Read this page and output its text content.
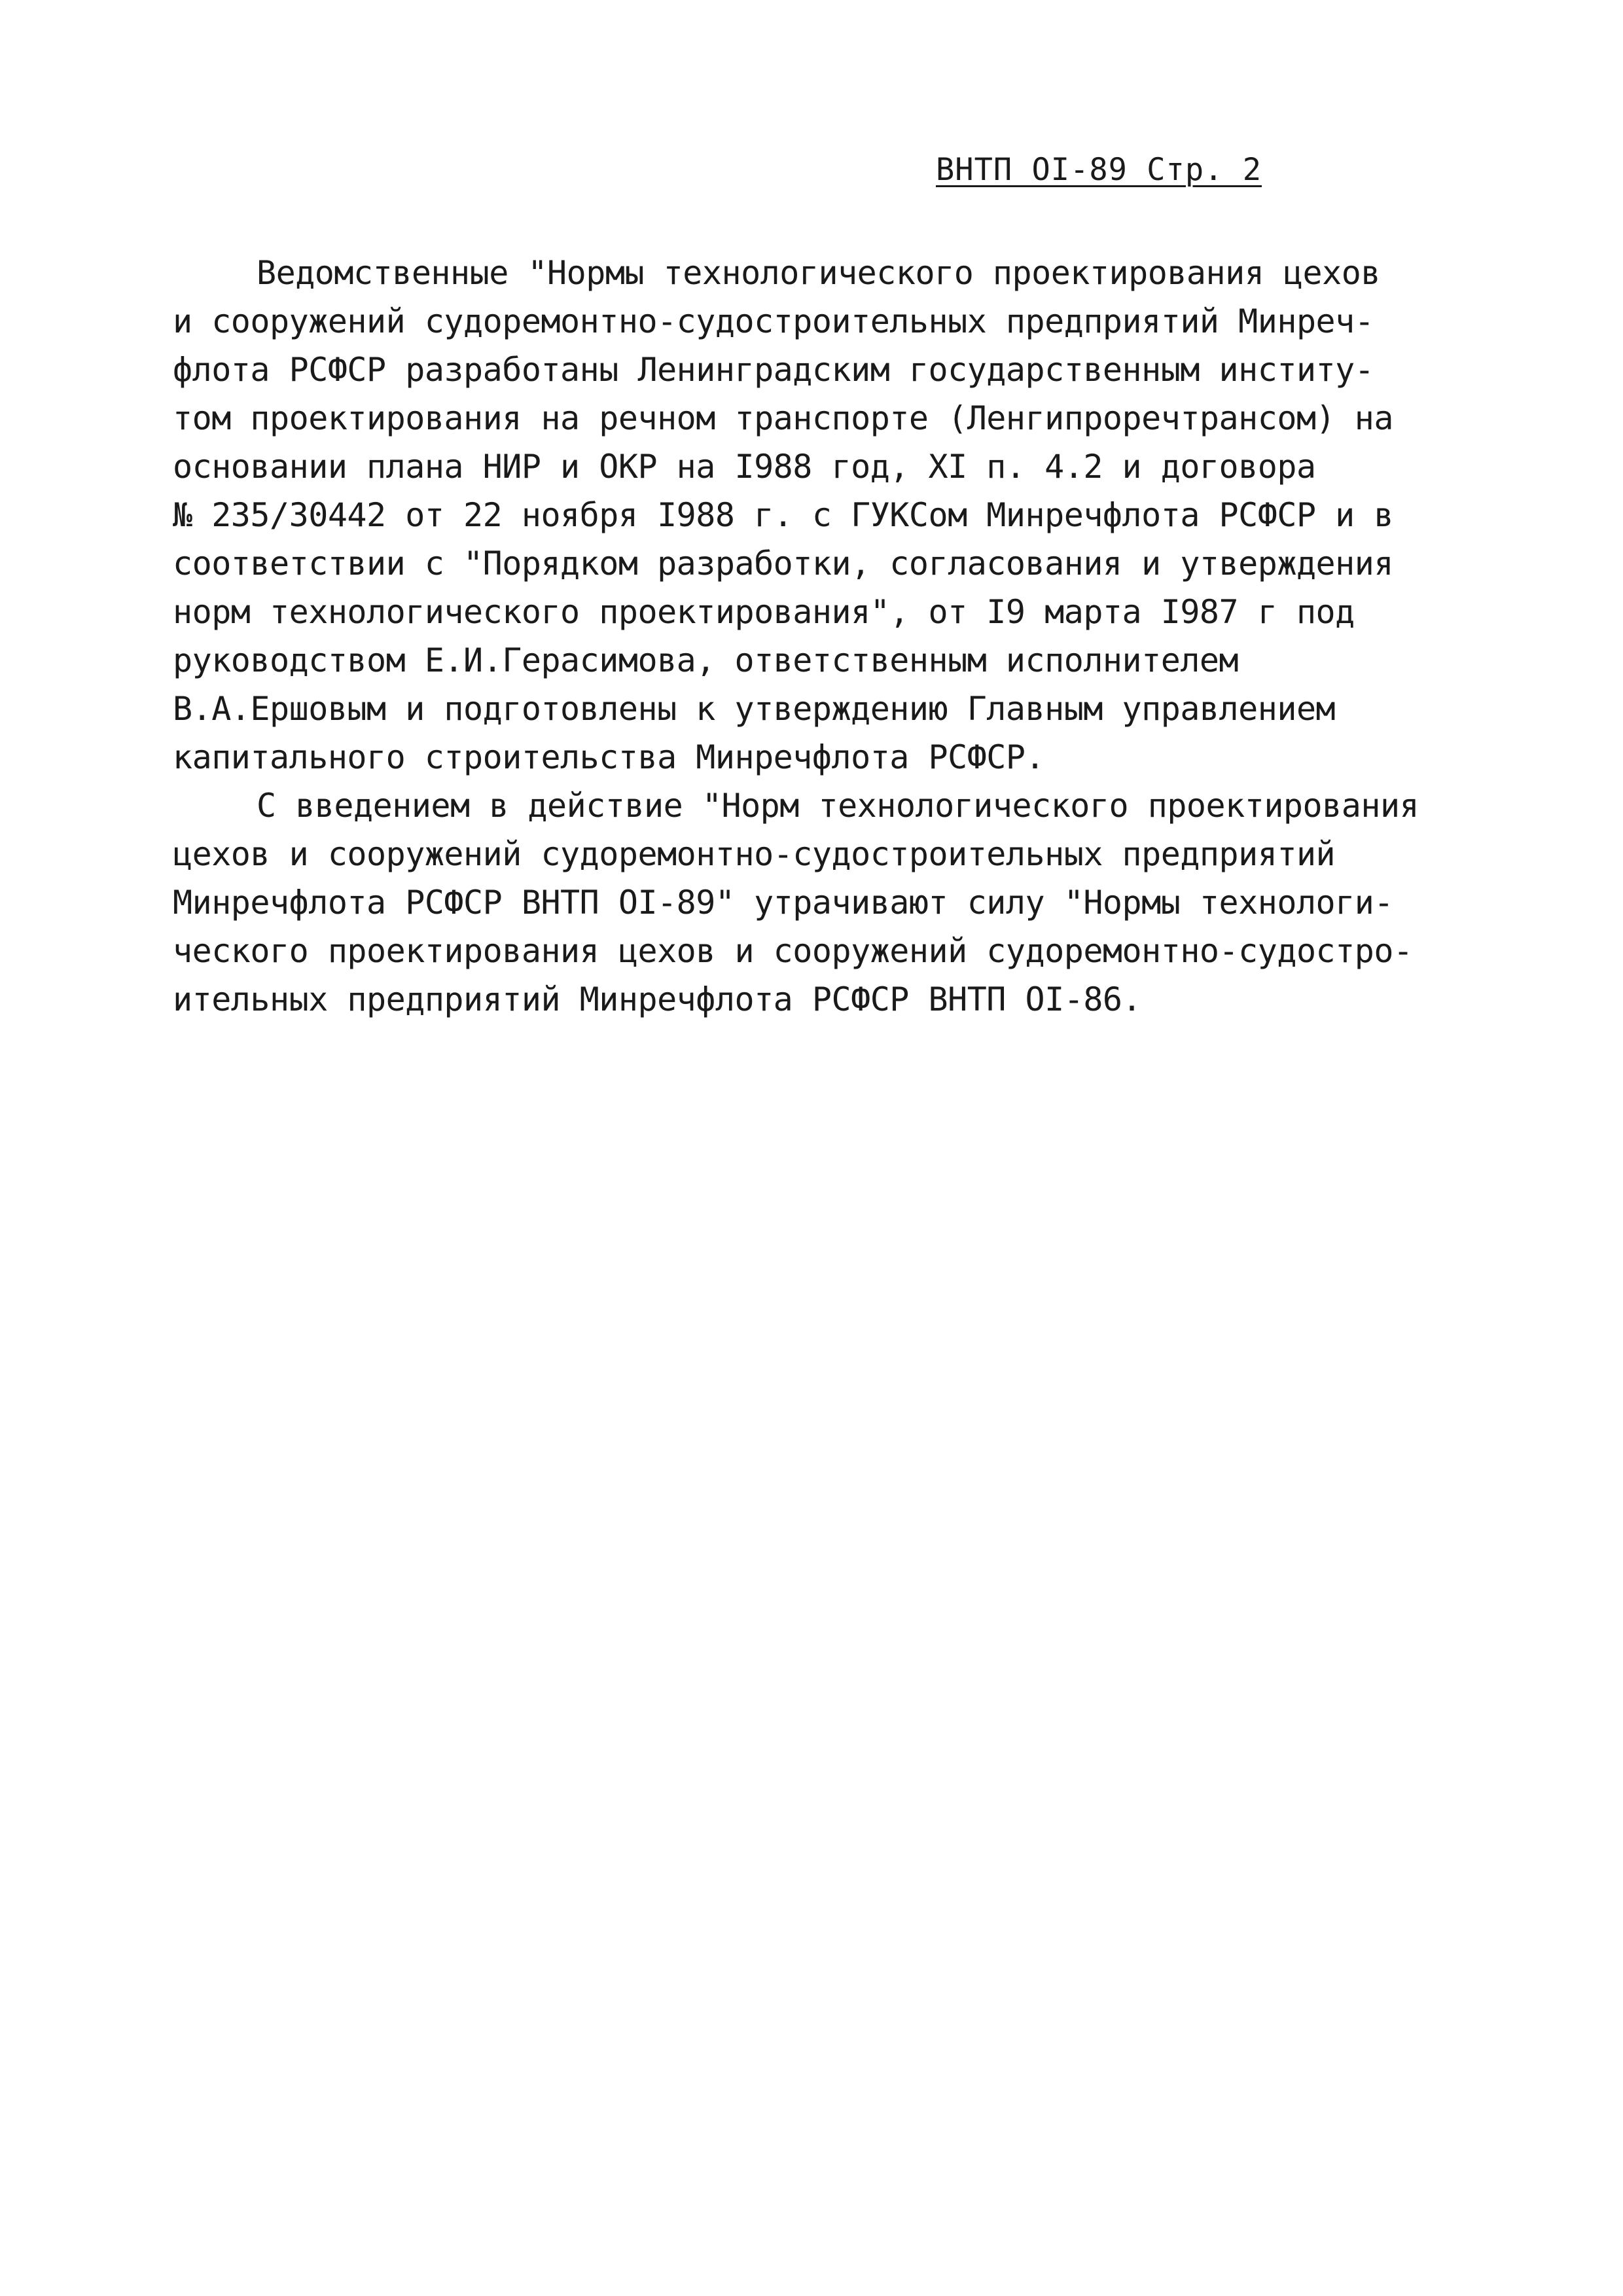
ВНТП OI-89 Стр. 2
Ведомственные "Нормы технологического проектирования цехов
и сооружений судоремонтно-судостроительных предприятий Минреч-
флота РСФСР разработаны Ленинградским государственным институ-
том проектирования на речном транспорте (Ленгипроречтрансом) на
основании плана НИР и ОКР на I988 год, XI п. 4.2 и договора
№ 235/30442 от 22 ноября I988 г. с ГУКСом Минречфлота РСФСР и в
соответствии с "Порядком разработки, согласования и утверждения
норм технологического проектирования", от I9 марта I987 г под
руководством Е.И.Герасимова, ответственным исполнителем
В.А.Ершовым и подготовлены к утверждению Главным управлением
капитального строительства Минречфлота РСФСР.
С введением в действие "Норм технологического проектирования
цехов и сооружений судоремонтно-судостроительных предприятий
Минречфлота РСФСР ВНТП OI-89" утрачивают силу "Нормы технологи-
ческого проектирования цехов и сооружений судоремонтно-судостро-
ительных предприятий Минречфлота РСФСР ВНТП OI-86.
